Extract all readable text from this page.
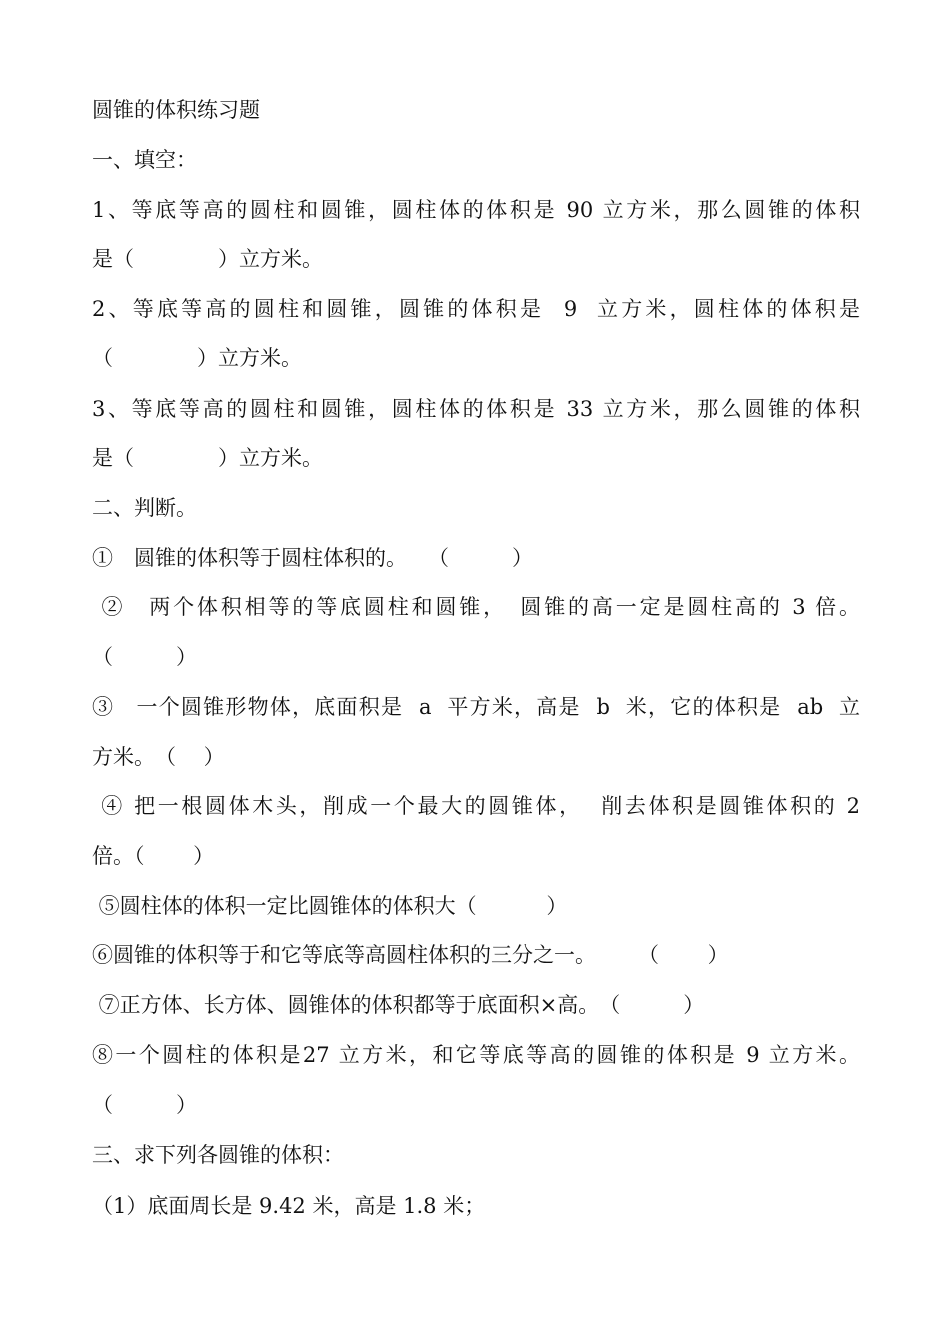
圆锥的体积练习题
一、填空：
1、等底等高的圆柱和圆锥，圆柱体的体积是 90 立方米，那么圆锥的体积
是（　　　　）立方米。
2、等底等高的圆柱和圆锥，圆锥的体积是  9  立方米，圆柱体的体积是
（　　　　）立方米。
3、等底等高的圆柱和圆锥，圆柱体的体积是 33 立方米，那么圆锥的体积
是（　　　　）立方米。
二、判断。
①　圆锥的体积等于圆柱体积的。　　（　　　）
②　两个体积相等的等底圆柱和圆锥，　圆锥的高一定是圆柱高的 3 倍。
（　　　）
③　一个圆锥形物体，底面积是  a  平方米，高是  b  米，它的体积是  ab  立
方米。　（　 ）
④ 把一根圆体木头，削成一个最大的圆锥体，  削去体积是圆锥体积的 2
倍。（　　 ）
⑤圆柱体的体积一定比圆锥体的体积大（　　　 ）
⑥圆锥的体积等于和它等底等高圆柱体积的三分之一。　　　（　　 ）
⑦正方体、长方体、圆锥体的体积都等于底面积×高。　（　　　）
⑧一个圆柱的体积是27 立方米，和它等底等高的圆锥的体积是 9 立方米。
（　　　）
三、求下列各圆锥的体积：
（1）底面周长是 9.42 米，高是 1.8 米；
